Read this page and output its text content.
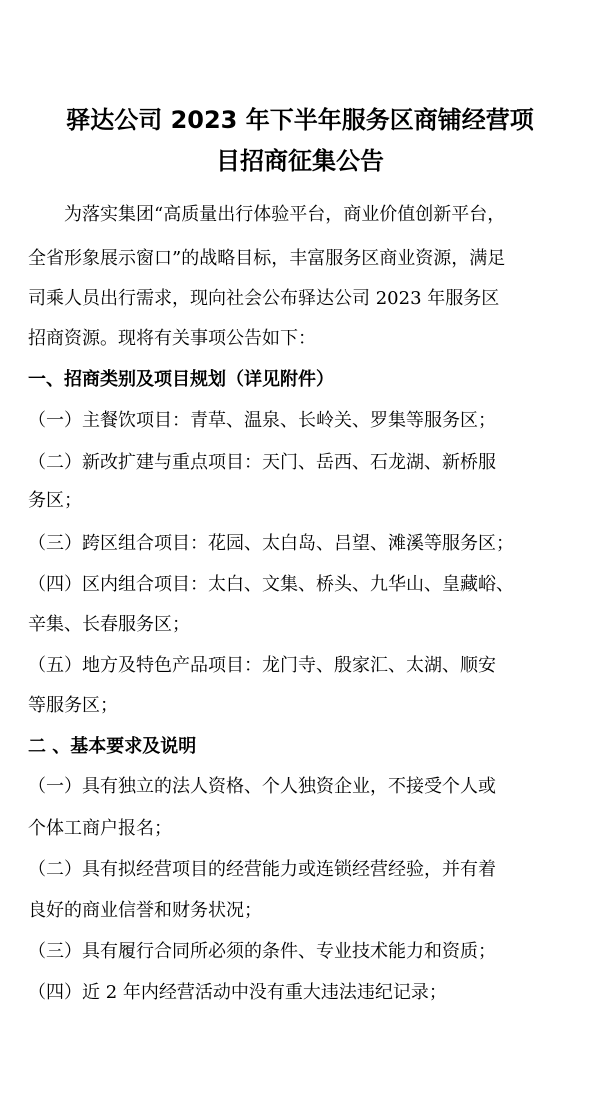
驿达公司 2023 年下半年服务区商铺经营项
目招商征集公告
为落实集团“高质量出行体验平台，商业价值创新平台，
全省形象展示窗口”的战略目标，丰富服务区商业资源，满足
司乘人员出行需求，现向社会公布驿达公司 2023 年服务区
招商资源。现将有关事项公告如下：
一、招商类别及项目规划（详见附件）
（一）主餐饮项目：青草、温泉、长岭关、罗集等服务区；
（二）新改扩建与重点项目：天门、岳西、石龙湖、新桥服
务区；
（三）跨区组合项目：花园、太白岛、吕望、滩溪等服务区；
（四）区内组合项目：太白、文集、桥头、九华山、皇藏峪、
辛集、长春服务区；
（五）地方及特色产品项目：龙门寺、殷家汇、太湖、顺安
等服务区；
二 、基本要求及说明
（一）具有独立的法人资格、个人独资企业，不接受个人或
个体工商户报名；
（二）具有拟经营项目的经营能力或连锁经营经验，并有着
良好的商业信誉和财务状况；
（三）具有履行合同所必须的条件、专业技术能力和资质；
（四）近 2 年内经营活动中没有重大违法违纪记录；
